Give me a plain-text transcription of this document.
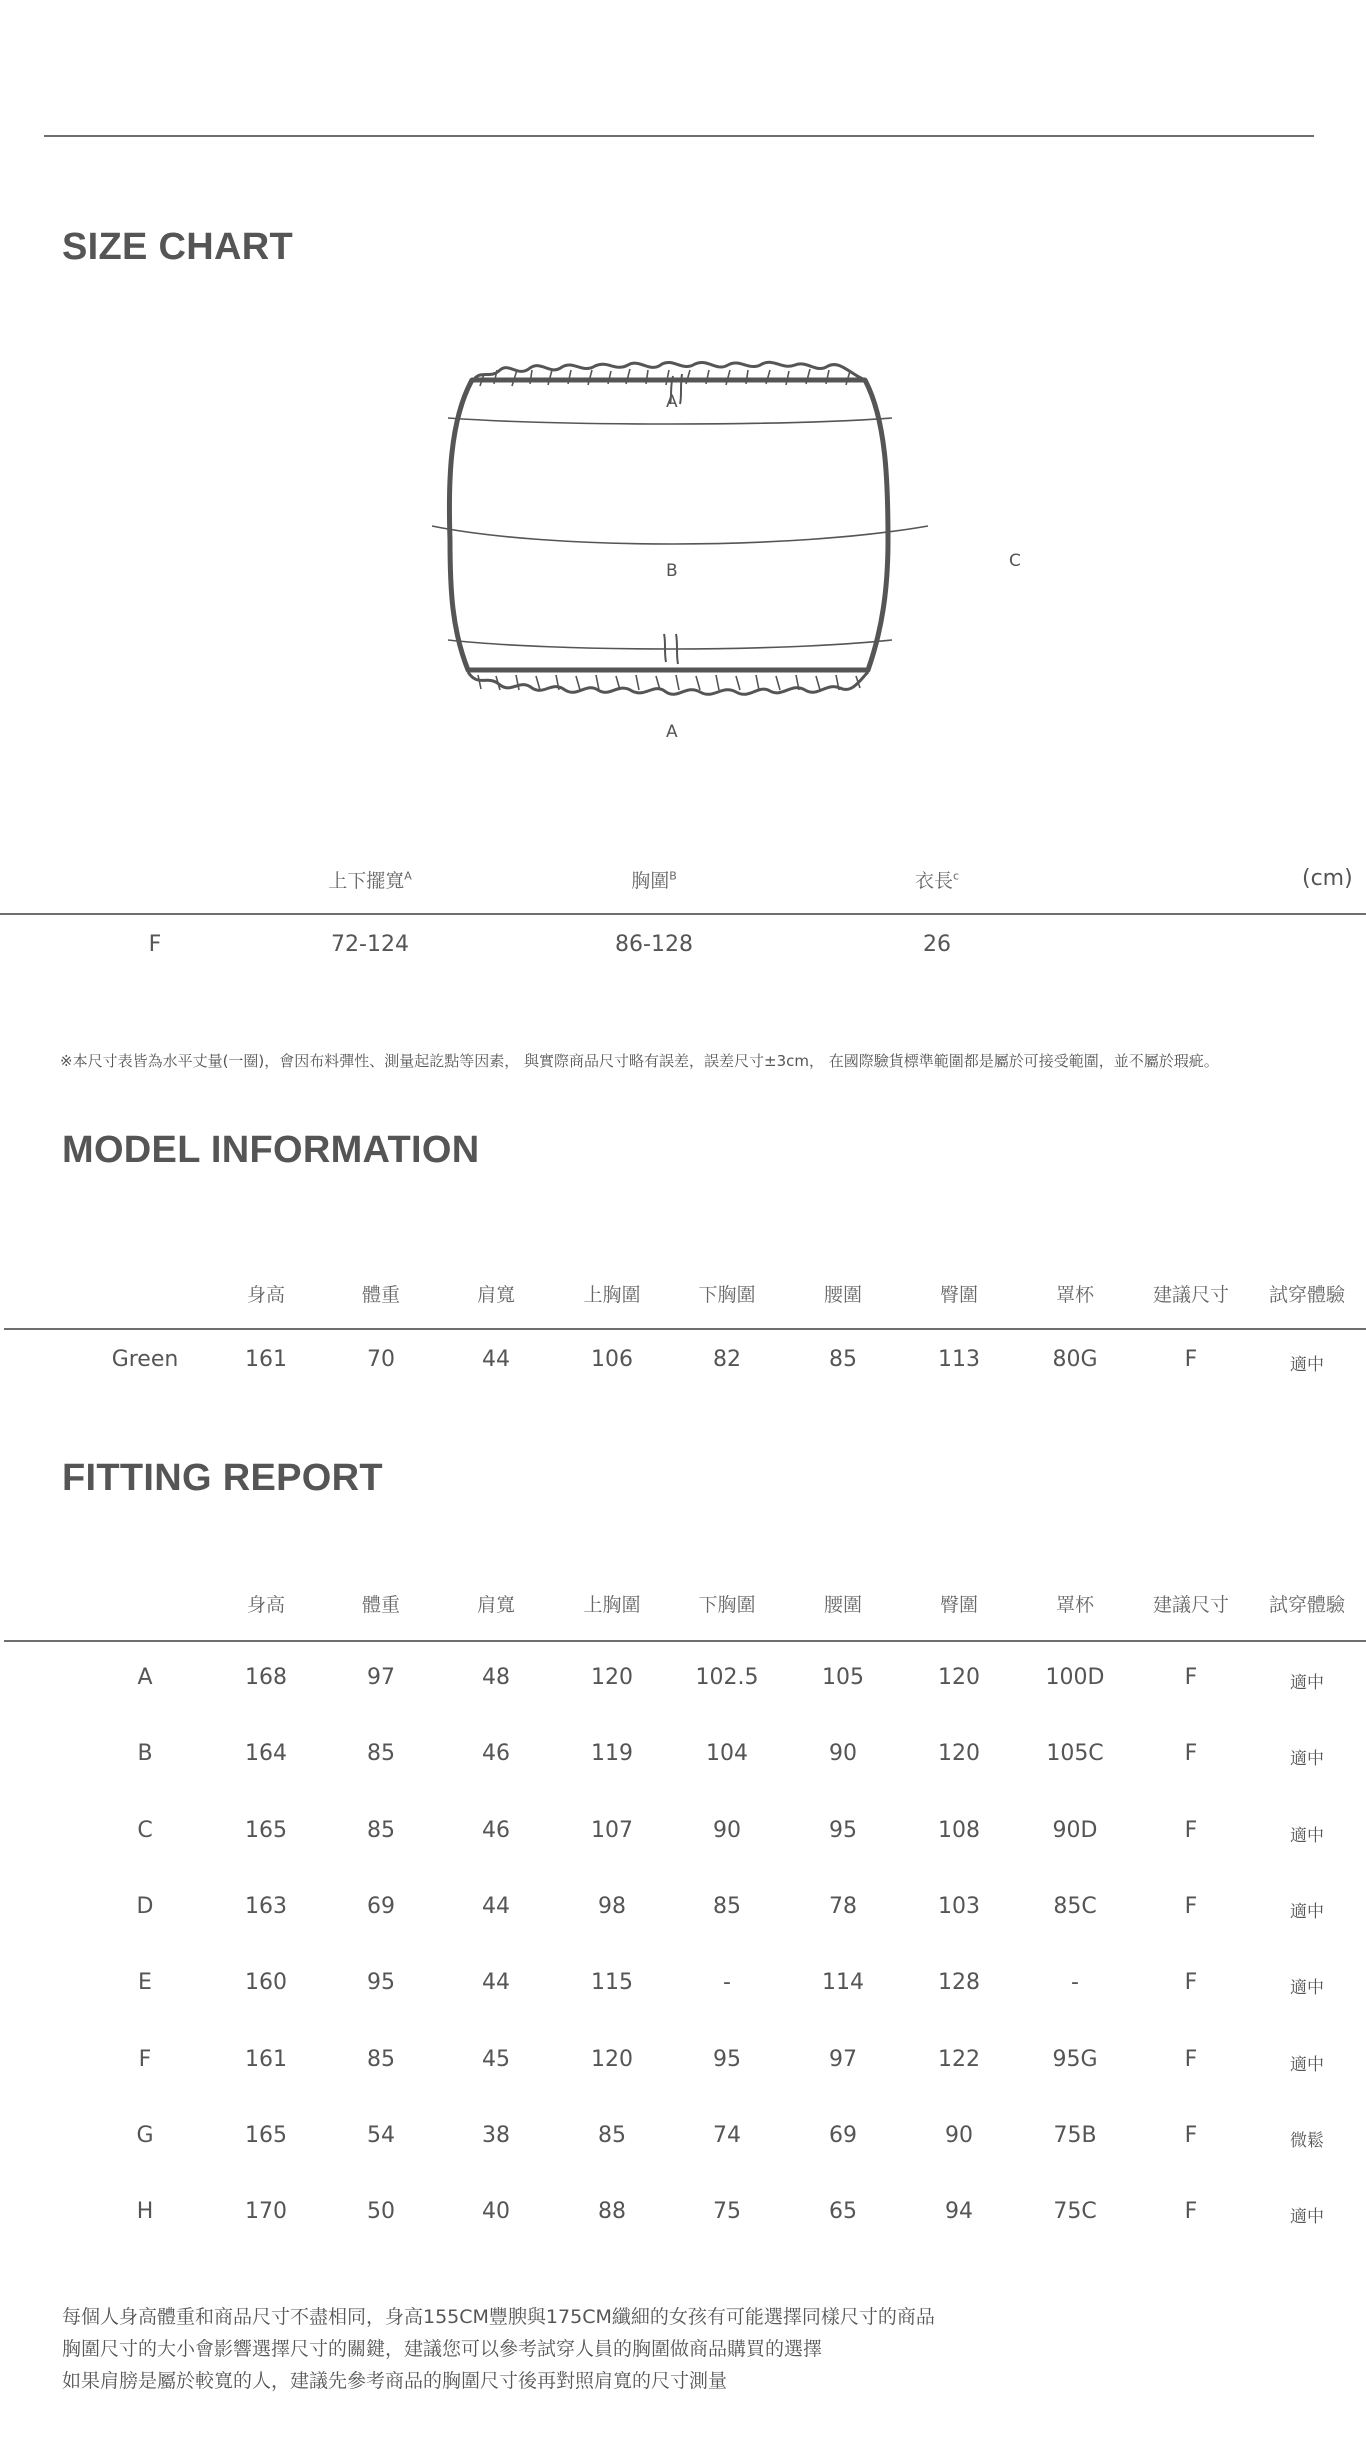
SIZE CHART
A
B
A
C
上下擺寬$^A$	胸圍$^B$	衣長$^c$	(cm)
F	72-124	86-128	26
※本尺寸表皆為水平丈量(一圈)，會因布料彈性、測量起訖點等因素， 與實際商品尺寸略有誤差，誤差尺寸±3cm， 在國際驗貨標準範圍都是屬於可接受範圍，並不屬於瑕疵。
MODEL INFORMATION
身高	體重	肩寬	上胸圍	下胸圍	腰圍	臀圍	罩杯	建議尺寸 試穿體驗
Green	161	70	44	106	82	85	113	80G	F	適中
FITTING REPORT
身高	體重	肩寬	上胸圍	下胸圍	腰圍	臀圍	罩杯	建議尺寸 試穿體驗
A	168	97	48	120	102.5	105	120	100D	F	適中
B	164	85	46	119	104	90	120	105C	F	適中
C	165	85	46	107	90	95	108	90D	F	適中
D	163	69	44	98	85	78	103	85C	F	適中
E	160	95	44	115	-	114	128	-	F	適中
F	161	85	45	120	95	97	122	95G	F	適中
G	165	54	38	85	74	69	90	75B	F	微鬆
H	170	50	40	88	75	65	94	75C	F	適中
每個人身高體重和商品尺寸不盡相同，身高155CM豐腴與175CM纖細的女孩有可能選擇同樣尺寸的商品
胸圍尺寸的大小會影響選擇尺寸的關鍵，建議您可以參考試穿人員的胸圍做商品購買的選擇
如果肩膀是屬於較寬的人，建議先參考商品的胸圍尺寸後再對照肩寬的尺寸測量
